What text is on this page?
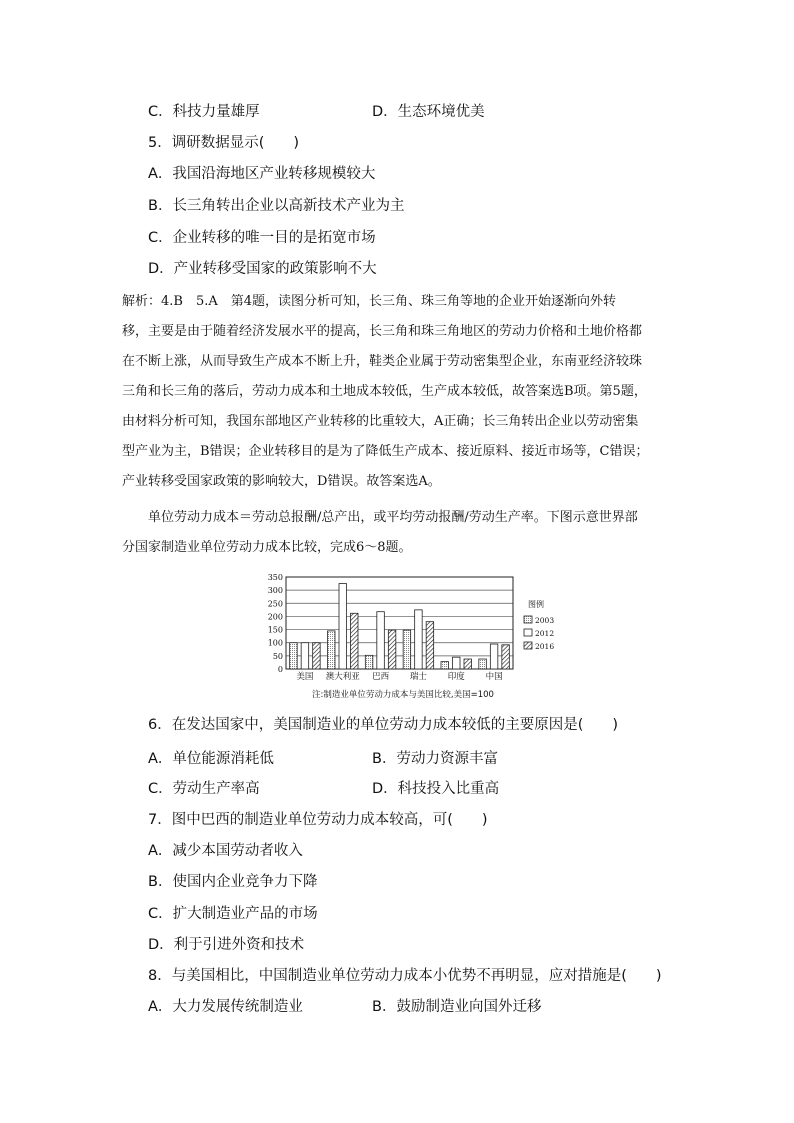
C．科技力量雄厚	D．生态环境优美
5．调研数据显示(　　)
A．我国沿海地区产业转移规模较大
B．长三角转出企业以高新技术产业为主
C．企业转移的唯一目的是拓宽市场
D．产业转移受国家的政策影响不大
解析：4.B　5.A　第4题，读图分析可知，长三角、珠三角等地的企业开始逐渐向外转
移，主要是由于随着经济发展水平的提高，长三角和珠三角地区的劳动力价格和土地价格都
在不断上涨，从而导致生产成本不断上升，鞋类企业属于劳动密集型企业，东南亚经济较珠
三角和长三角的落后，劳动力成本和土地成本较低，生产成本较低，故答案选B项。第5题，
由材料分析可知，我国东部地区产业转移的比重较大，A正确；长三角转出企业以劳动密集
型产业为主，B错误；企业转移目的是为了降低生产成本、接近原料、接近市场等，C错误；
产业转移受国家政策的影响较大，D错误。故答案选A。
单位劳动力成本＝劳动总报酬/总产出，或平均劳动报酬/劳动生产率。下图示意世界部
分国家制造业单位劳动力成本比较，完成6～8题。
0
50
100
150
200
250
300
350
美国 澳大利亚 巴西 瑞士 印度 中国
图例
2003
2012
2016
注:制造业单位劳动力成本与美国比较,美国=100
6．在发达国家中，美国制造业的单位劳动力成本较低的主要原因是(　　)
A．单位能源消耗低	B．劳动力资源丰富
C．劳动生产率高	D．科技投入比重高
7．图中巴西的制造业单位劳动力成本较高，可(　　)
A．减少本国劳动者收入
B．使国内企业竞争力下降
C．扩大制造业产品的市场
D．利于引进外资和技术
8．与美国相比，中国制造业单位劳动力成本小优势不再明显，应对措施是(　　)
A．大力发展传统制造业	B．鼓励制造业向国外迁移
